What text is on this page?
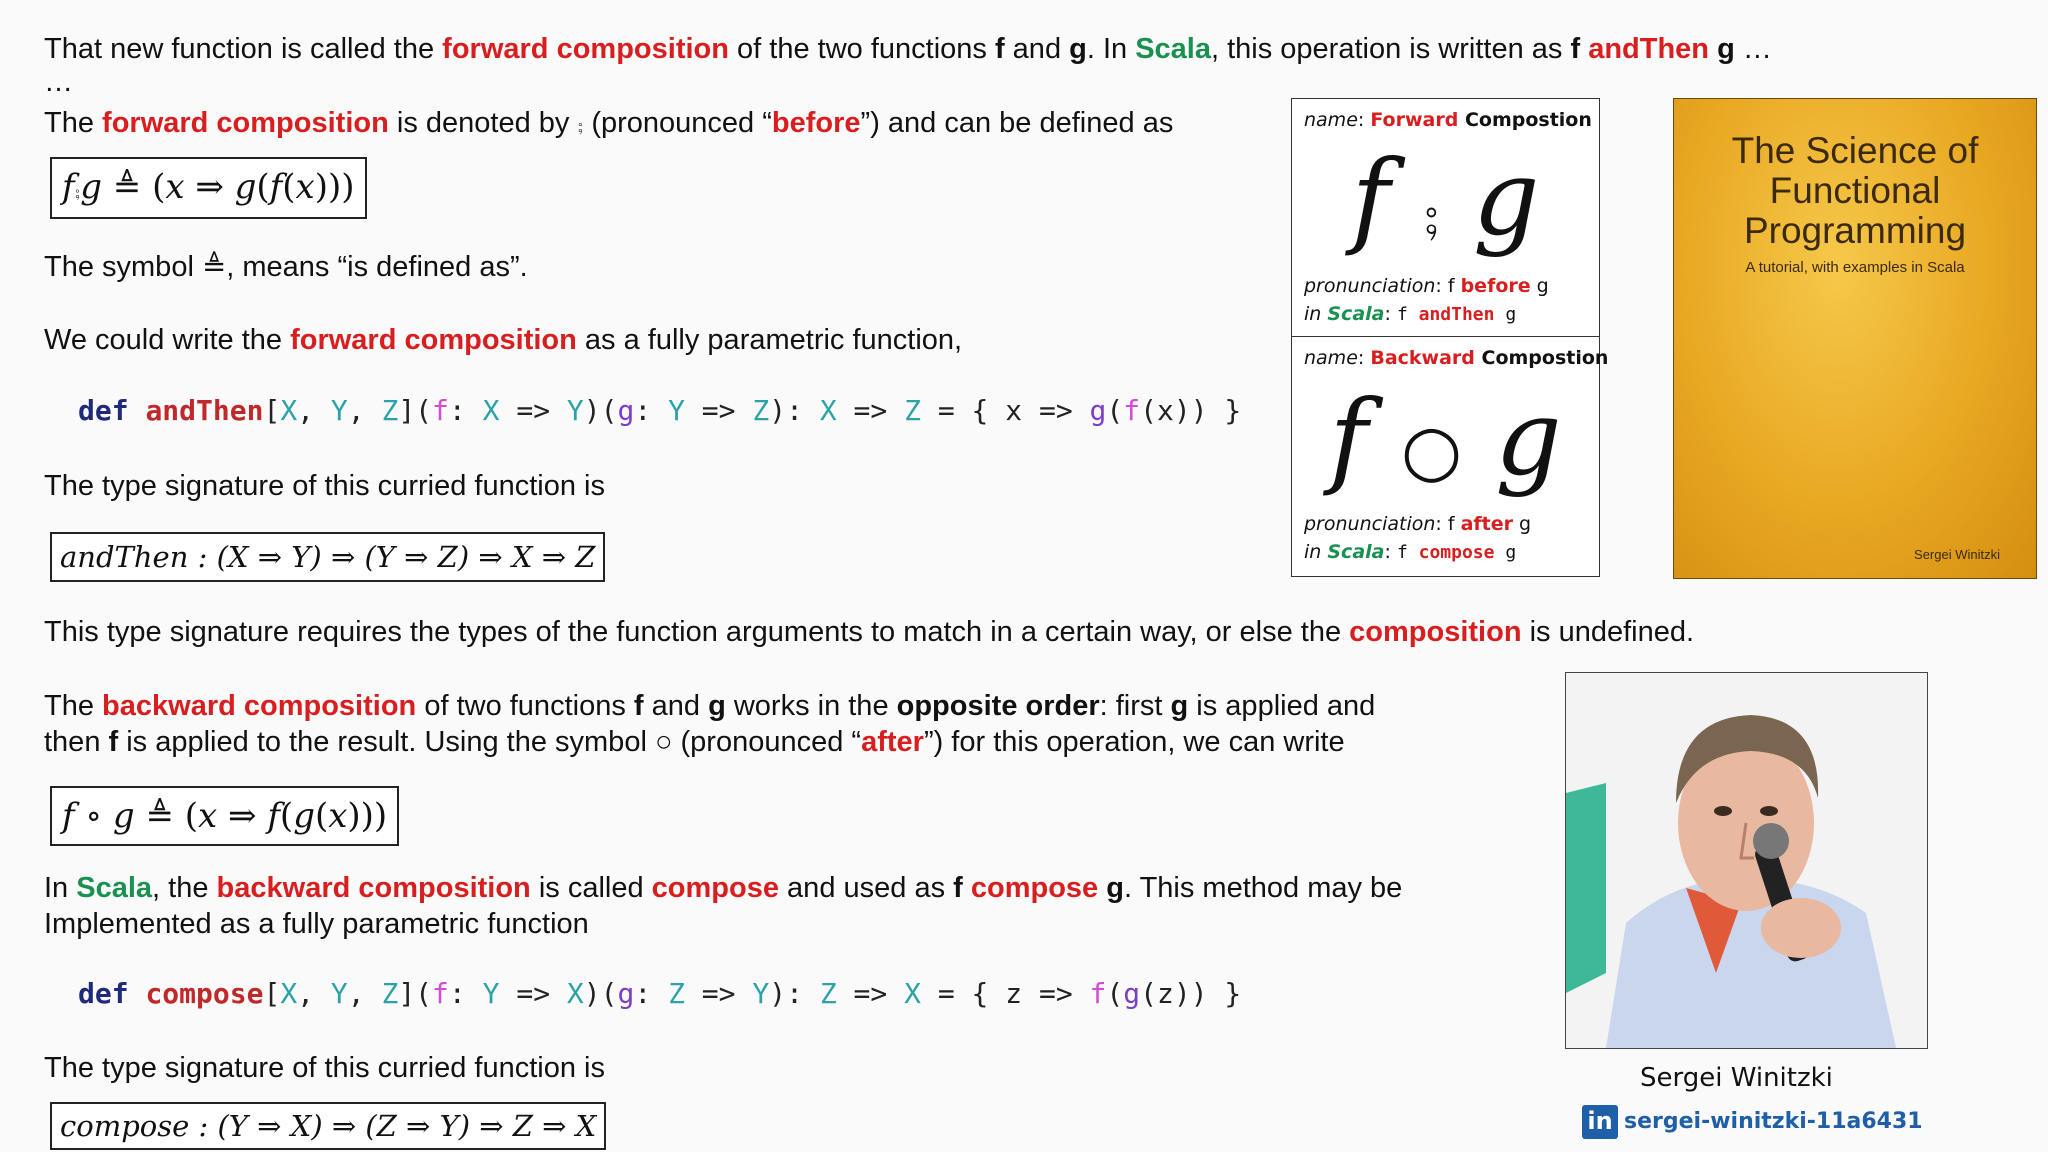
That new function is called the forward composition of the two functions f and g. In Scala, this operation is written as f andThen g …
…
The forward composition is denoted by ⨾ (pronounced “before”) and can be defined as
f⨾g ≜ (x ⇒ g(f(x)))
The symbol ≜, means “is defined as”.
We could write the forward composition as a fully parametric function,
def andThen[X, Y, Z](f: X => Y)(g: Y => Z): X => Z = { x => g(f(x)) }
The type signature of this curried function is
andThen : (X ⇒ Y) ⇒ (Y ⇒ Z) ⇒ X ⇒ Z
This type signature requires the types of the function arguments to match in a certain way, or else the composition is undefined.
The backward composition of two functions f and g works in the opposite order: first g is applied and
then f is applied to the result. Using the symbol ○ (pronounced “after”) for this operation, we can write
f ∘ g ≜ (x ⇒ f(g(x)))
In Scala, the backward composition is called compose and used as f compose g. This method may be
Implemented as a fully parametric function
def compose[X, Y, Z](f: Y => X)(g: Z => Y): Z => X = { z => f(g(z)) }
The type signature of this curried function is
compose : (Y ⇒ X) ⇒ (Z ⇒ Y) ⇒ Z ⇒ X
name: Forward Compostion
f ⨾ g
pronunciation: f before g
in Scala: f andThen g
name: Backward Compostion
f ○ g
pronunciation: f after g
in Scala: f compose g
The Science of
Functional
Programming
A tutorial, with examples in Scala
Sergei Winitzki
Sergei Winitzki
in sergei-winitzki-11a6431
